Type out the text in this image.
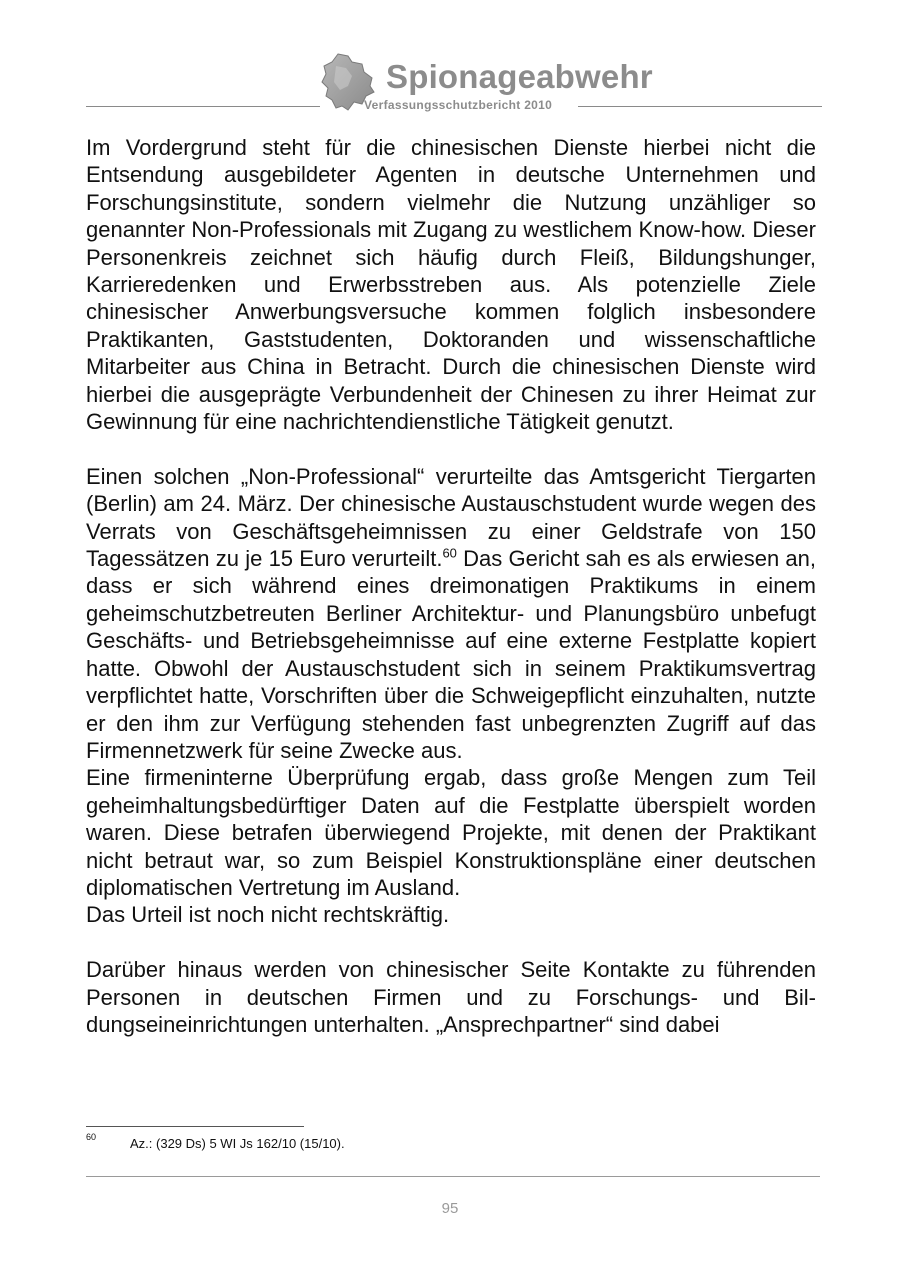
Spionageabwehr
Verfassungsschutzbericht 2010

Im Vordergrund steht für die chinesischen Dienste hierbei nicht die Entsendung ausgebildeter Agenten in deutsche Unternehmen und Forschungsinstitute, sondern vielmehr die Nutzung unzähliger so genannter Non-Professionals mit Zugang zu westlichem Know-how. Dieser Personenkreis zeichnet sich häufig durch Fleiß, Bildungshunger, Karrieredenken und Erwerbsstreben aus. Als potenzielle Ziele chinesischer Anwerbungsversuche kommen folglich insbesondere Praktikanten, Gaststudenten, Doktoranden und wissenschaftliche Mitarbeiter aus China in Betracht. Durch die chinesischen Dienste wird hierbei die ausgeprägte Verbundenheit der Chinesen zu ihrer Heimat zur Gewinnung für eine nachrichtendienstliche Tätigkeit genutzt.

Einen solchen „Non-Professional“ verurteilte das Amtsgericht Tiergarten (Berlin) am 24. März. Der chinesische Austauschstudent wurde wegen des Verrats von Geschäftsgeheimnissen zu einer Geldstrafe von 150 Tagessätzen zu je 15 Euro verurteilt.$^{60}$ Das Gericht sah es als erwiesen an, dass er sich während eines dreimonatigen Praktikums in einem geheimschutzbetreuten Berliner Architektur- und Planungsbüro unbefugt Geschäfts- und Betriebsgeheimnisse auf eine externe Festplatte kopiert hatte. Obwohl der Austauschstudent sich in seinem Praktikumsvertrag verpflichtet hatte, Vorschriften über die Schweigepflicht einzuhalten, nutzte er den ihm zur Verfügung stehenden fast unbegrenzten Zugriff auf das Firmennetzwerk für seine Zwecke aus.

Eine firmeninterne Überprüfung ergab, dass große Mengen zum Teil geheimhaltungsbedürftiger Daten auf die Festplatte überspielt worden waren. Diese betrafen überwiegend Projekte, mit denen der Praktikant nicht betraut war, so zum Beispiel Konstruktionspläne einer deutschen diplomatischen Vertretung im Ausland.

Das Urteil ist noch nicht rechtskräftig.

Darüber hinaus werden von chinesischer Seite Kontakte zu führenden Personen in deutschen Firmen und zu Forschungs- und Bildungseineinrichtungen unterhalten. „Ansprechpartner“ sind dabei

60	Az.: (329 Ds) 5 WI Js 162/10 (15/10).
95
